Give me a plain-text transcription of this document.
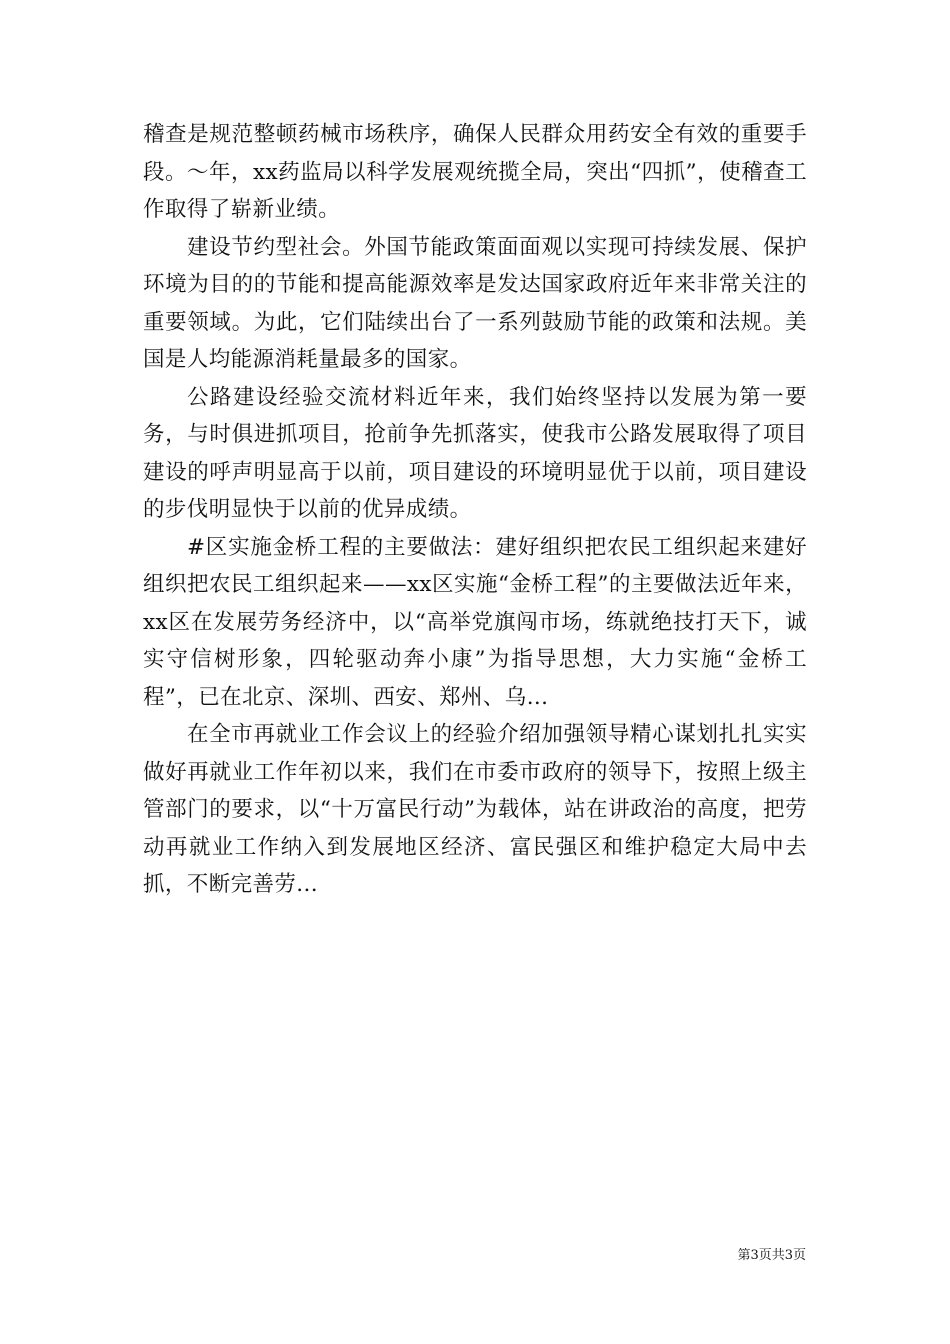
稽查是规范整顿药械市场秩序，确保人民群众用药安全有效的重要手段。～年，xx药监局以科学发展观统揽全局，突出“四抓”，使稽查工作取得了崭新业绩。

建设节约型社会。外国节能政策面面观以实现可持续发展、保护环境为目的的节能和提高能源效率是发达国家政府近年来非常关注的重要领域。为此，它们陆续出台了一系列鼓励节能的政策和法规。美国是人均能源消耗量最多的国家。

公路建设经验交流材料近年来，我们始终坚持以发展为第一要务，与时俱进抓项目，抢前争先抓落实，使我市公路发展取得了项目建设的呼声明显高于以前，项目建设的环境明显优于以前，项目建设的步伐明显快于以前的优异成绩。

#区实施金桥工程的主要做法：建好组织把农民工组织起来建好组织把农民工组织起来——xx区实施“金桥工程”的主要做法近年来，xx区在发展劳务经济中，以“高举党旗闯市场，练就绝技打天下，诚实守信树形象，四轮驱动奔小康”为指导思想，大力实施“金桥工程”，已在北京、深圳、西安、郑州、乌...

在全市再就业工作会议上的经验介绍加强领导精心谋划扎扎实实做好再就业工作年初以来，我们在市委市政府的领导下，按照上级主管部门的要求，以“十万富民行动”为载体，站在讲政治的高度，把劳动再就业工作纳入到发展地区经济、富民强区和维护稳定大局中去抓，不断完善劳...

第3页共3页
